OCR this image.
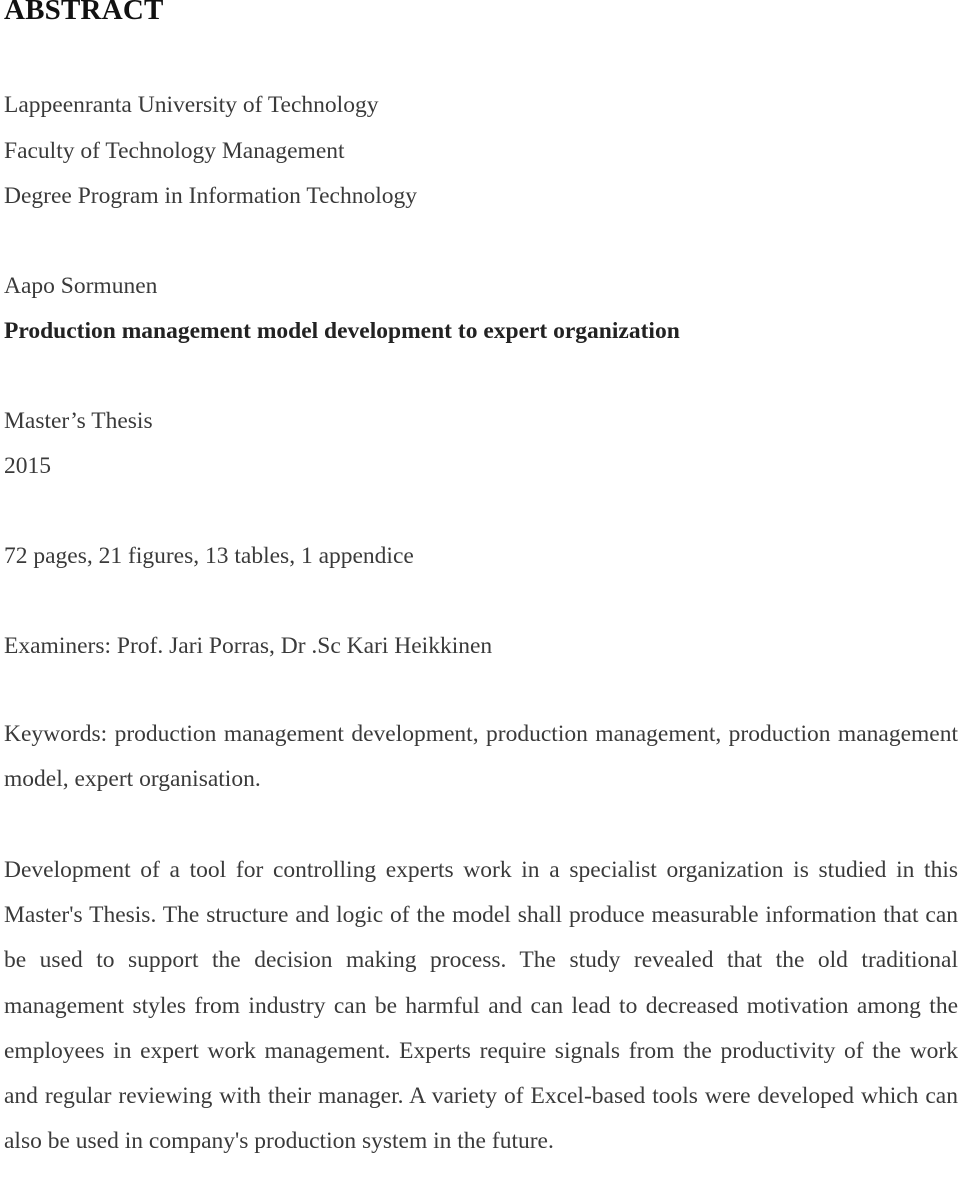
ABSTRACT

Lappeenranta University of Technology

Faculty of Technology Management

Degree Program in Information Technology

Aapo Sormunen

Production management model development to expert organization

Master’s Thesis

2015

72 pages, 21 figures, 13 tables, 1 appendice

Examiners: Prof. Jari Porras, Dr .Sc Kari Heikkinen

Keywords: production management development, production management, production management model, expert organisation.

Development of a tool for controlling experts work in a specialist organization is studied in this Master's Thesis. The structure and logic of the model shall produce measurable information that can be used to support the decision making process. The study revealed that the old traditional management styles from industry can be harmful and can lead to decreased motivation among the employees in expert work management. Experts require signals from the productivity of the work and regular reviewing with their manager. A variety of Excel-based tools were developed which can also be used in company's production system in the future.
